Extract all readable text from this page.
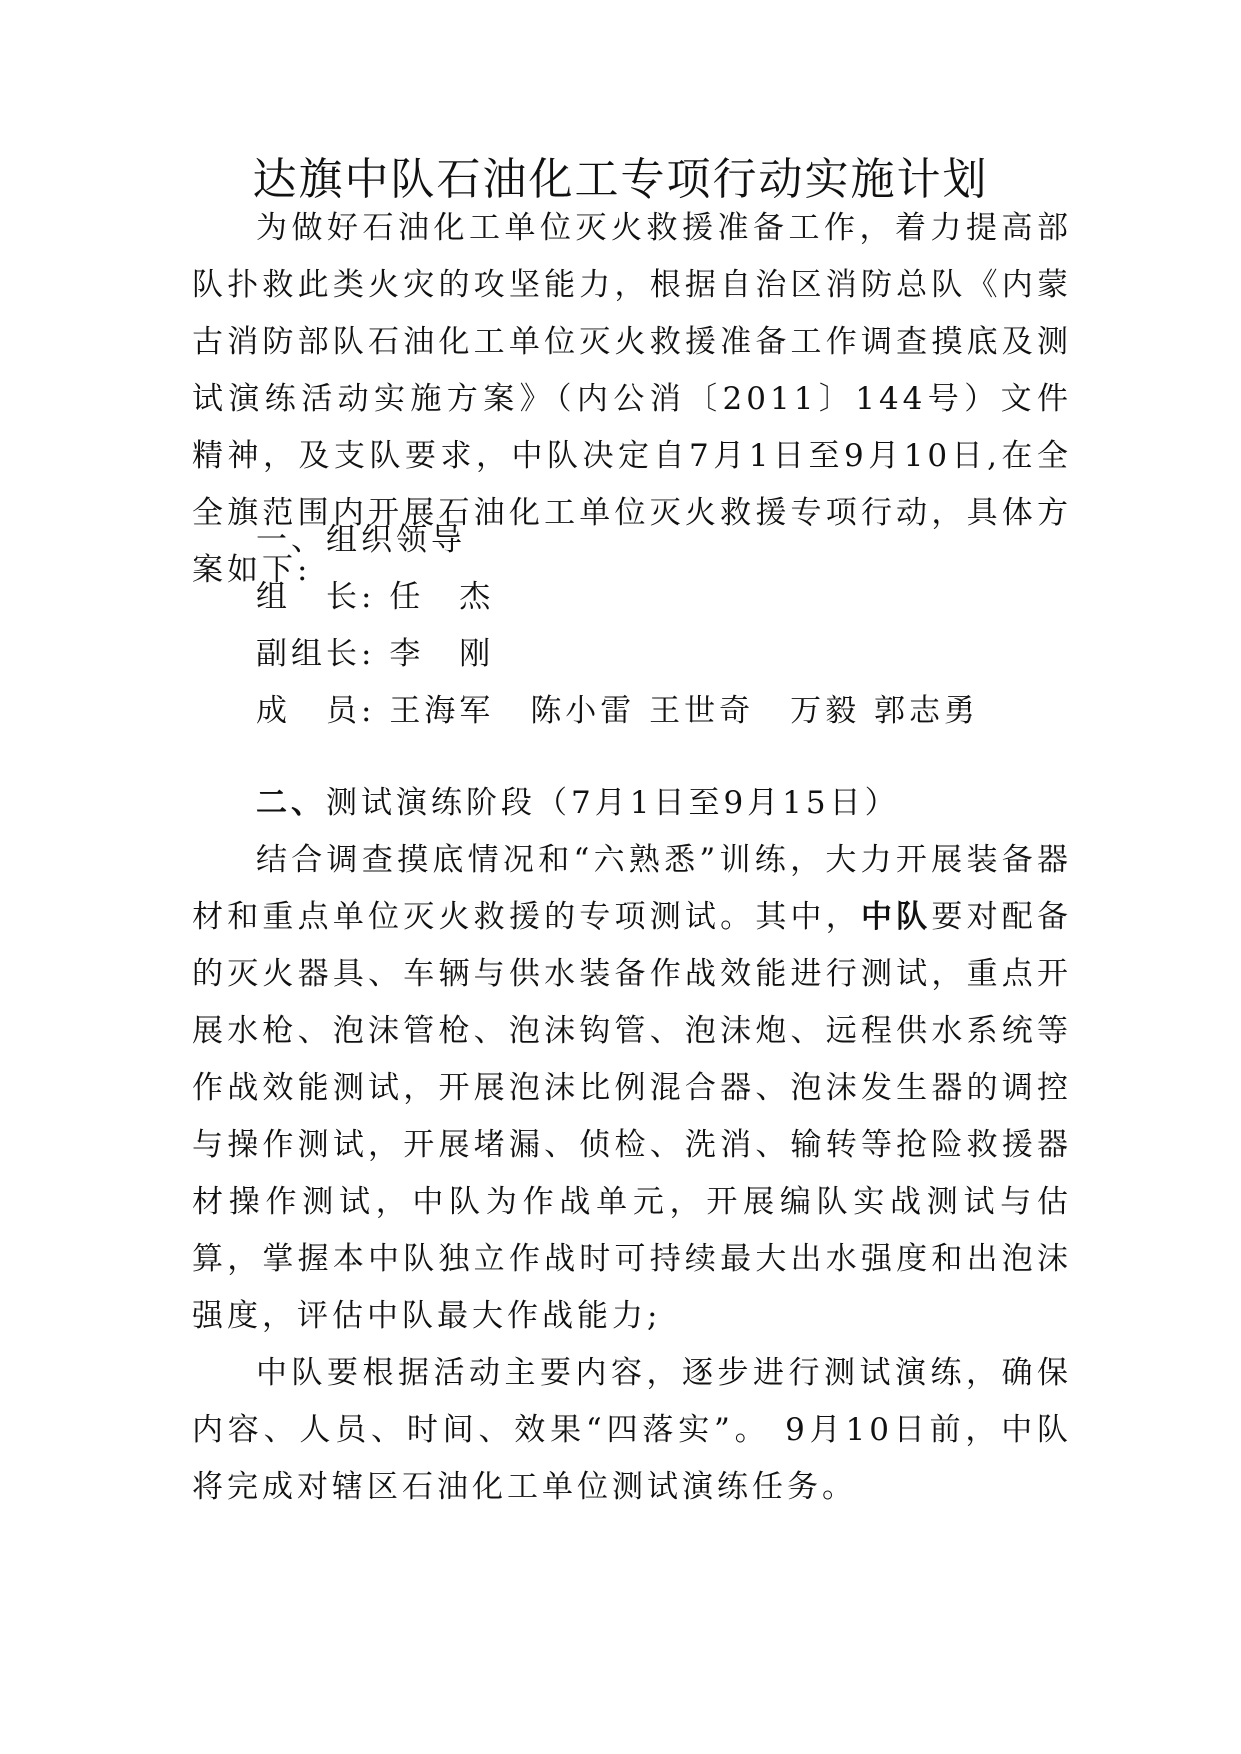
达旗中队石油化工专项行动实施计划

为做好石油化工单位灭火救援准备工作，着力提高部队扑救此类火灾的攻坚能力，根据自治区消防总队《内蒙古消防部队石油化工单位灭火救援准备工作调查摸底及测试演练活动实施方案》（内公消〔2011〕144号）文件精神，及支队要求，中队决定自7月1日至9月10日,在全全旗范围内开展石油化工单位灭火救援专项行动，具体方案如下:

一、组织领导

组　长: 任　杰

副组长: 李　刚

成　员: 王海军 陈小雷 王世奇 万毅 郭志勇

二、测试演练阶段（7月1日至9月15日）

结合调查摸底情况和“六熟悉”训练，大力开展装备器材和重点单位灭火救援的专项测试。其中，中队要对配备的灭火器具、车辆与供水装备作战效能进行测试，重点开展水枪、泡沫管枪、泡沫钩管、泡沫炮、远程供水系统等作战效能测试，开展泡沫比例混合器、泡沫发生器的调控与操作测试，开展堵漏、侦检、洗消、输转等抢险救援器材操作测试，中队为作战单元，开展编队实战测试与估算，掌握本中队独立作战时可持续最大出水强度和出泡沫强度，评估中队最大作战能力;

中队要根据活动主要内容，逐步进行测试演练，确保内容、人员、时间、效果“四落实”。 9月10日前，中队将完成对辖区石油化工单位测试演练任务。
